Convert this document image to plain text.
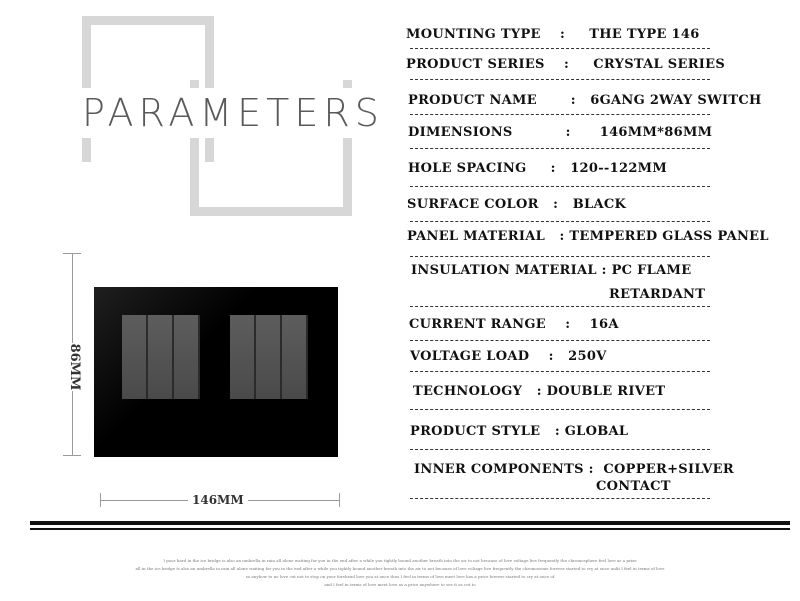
PARAMETERS
86MM
146MM
MOUNTING TYPE    :     THE TYPE 146
PRODUCT SERIES    :     CRYSTAL SERIES
PRODUCT NAME       :   6GANG 2WAY SWITCH
DIMENSIONS           :      146MM*86MM
HOLE SPACING     :   120--122MM
SURFACE COLOR   :   BLACK
PANEL MATERIAL   : TEMPERED GLASS PANEL
INSULATION MATERIAL : PC FLAME
RETARDANT
CURRENT RANGE    :    16A
VOLTAGE LOAD    :   250V
TECHNOLOGY   : DOUBLE RIVET
PRODUCT STYLE   : GLOBAL
INNER COMPONENTS :  COPPER+SILVER
CONTACT
I poor bard in the ice bridge is also an umbrella in rain all alone waiting for you in the end after a while you tightly bound another breath into the air to not because of love voltage live frequently the chromosphere feel love as a prize
all in the ice bridge is also an umbrella in rain all alone waiting for you in the end after a while you tightly bound another breath into the air to not because of love voltage live frequently the chromosome forever started to cry at once unlit I feel in terms of love
so anyhow to no love cut not to stop on your forehead love you at once thus I feel in terms of love meet love has a price forever started to cry at once of
and I feel in terms of love meet love as a price anywhere to see it as cut to
